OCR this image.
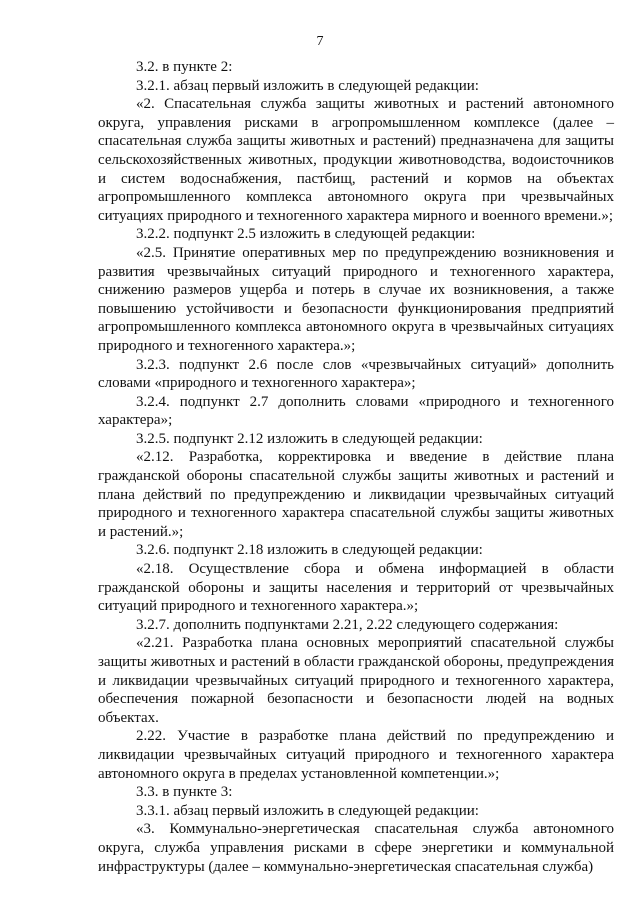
7

3.2. в пункте 2:

3.2.1. абзац первый изложить в следующей редакции:

«2. Спасательная служба защиты животных и растений автономного округа, управления рисками в агропромышленном комплексе (далее – спасательная служба защиты животных и растений) предназначена для защиты сельскохозяйственных животных, продукции животноводства, водоисточников и систем водоснабжения, пастбищ, растений и кормов на объектах агропромышленного комплекса автономного округа при чрезвычайных ситуациях природного и техногенного характера мирного и военного времени.»;

3.2.2. подпункт 2.5 изложить в следующей редакции:

«2.5. Принятие оперативных мер по предупреждению возникновения и развития чрезвычайных ситуаций природного и техногенного характера, снижению размеров ущерба и потерь в случае их возникновения, а также повышению устойчивости и безопасности функционирования предприятий агропромышленного комплекса автономного округа в чрезвычайных ситуациях природного и техногенного характера.»;

3.2.3. подпункт 2.6 после слов «чрезвычайных ситуаций» дополнить словами «природного и техногенного характера»;

3.2.4. подпункт 2.7 дополнить словами «природного и техногенного характера»;

3.2.5. подпункт 2.12 изложить в следующей редакции:

«2.12. Разработка, корректировка и введение в действие плана гражданской обороны спасательной службы защиты животных и растений и плана действий по предупреждению и ликвидации чрезвычайных ситуаций природного и техногенного характера спасательной службы защиты животных и растений.»;

3.2.6. подпункт 2.18 изложить в следующей редакции:

«2.18. Осуществление сбора и обмена информацией в области гражданской обороны и защиты населения и территорий от чрезвычайных ситуаций природного и техногенного характера.»;

3.2.7. дополнить подпунктами 2.21, 2.22 следующего содержания:

«2.21. Разработка плана основных мероприятий спасательной службы защиты животных и растений в области гражданской обороны, предупреждения и ликвидации чрезвычайных ситуаций природного и техногенного характера, обеспечения пожарной безопасности и безопасности людей на водных объектах.

2.22. Участие в разработке плана действий по предупреждению и ликвидации чрезвычайных ситуаций природного и техногенного характера автономного округа в пределах установленной компетенции.»;

3.3. в пункте 3:

3.3.1. абзац первый изложить в следующей редакции:

«3. Коммунально-энергетическая спасательная служба автономного округа, служба управления рисками в сфере энергетики и коммунальной инфраструктуры (далее – коммунально-энергетическая спасательная служба)
